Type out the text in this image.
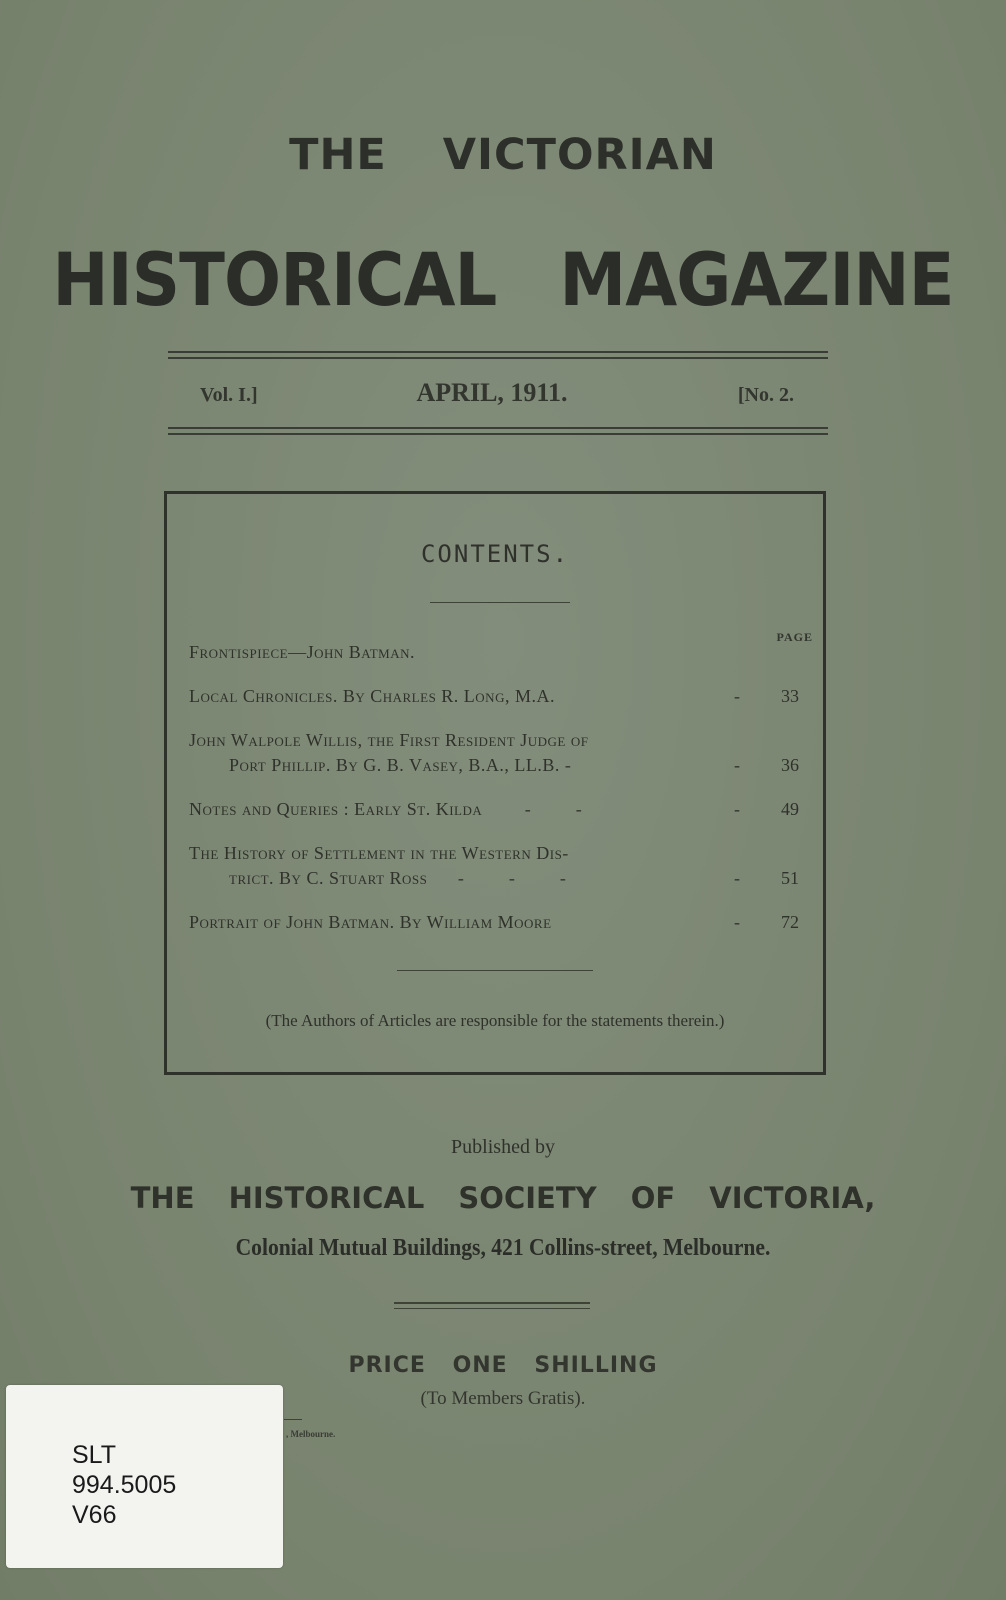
THE VICTORIAN
HISTORICAL MAGAZINE
Vol. I.]	APRIL, 1911.	[No. 2.
CONTENTS.
PAGE
Frontispiece—John Batman.
Local Chronicles. By Charles R. Long, M.A.	- 33
John Walpole Willis, the First Resident Judge of
Port Phillip. By G. B. Vasey, B.A., LL.B. -	- 36
Notes and Queries : Early St. Kilda -          -	- 49
The History of Settlement in the Western Dis-
trict. By C. Stuart Ross -          -          -	- 51
Portrait of John Batman. By William Moore	- 72
(The Authors of Articles are responsible for the statements therein.)
Published by
THE HISTORICAL SOCIETY OF VICTORIA,
Colonial Mutual Buildings, 421 Collins-street, Melbourne.
PRICE ONE SHILLING
(To Members Gratis).
, Melbourne.
SLT
994.5005
V66
